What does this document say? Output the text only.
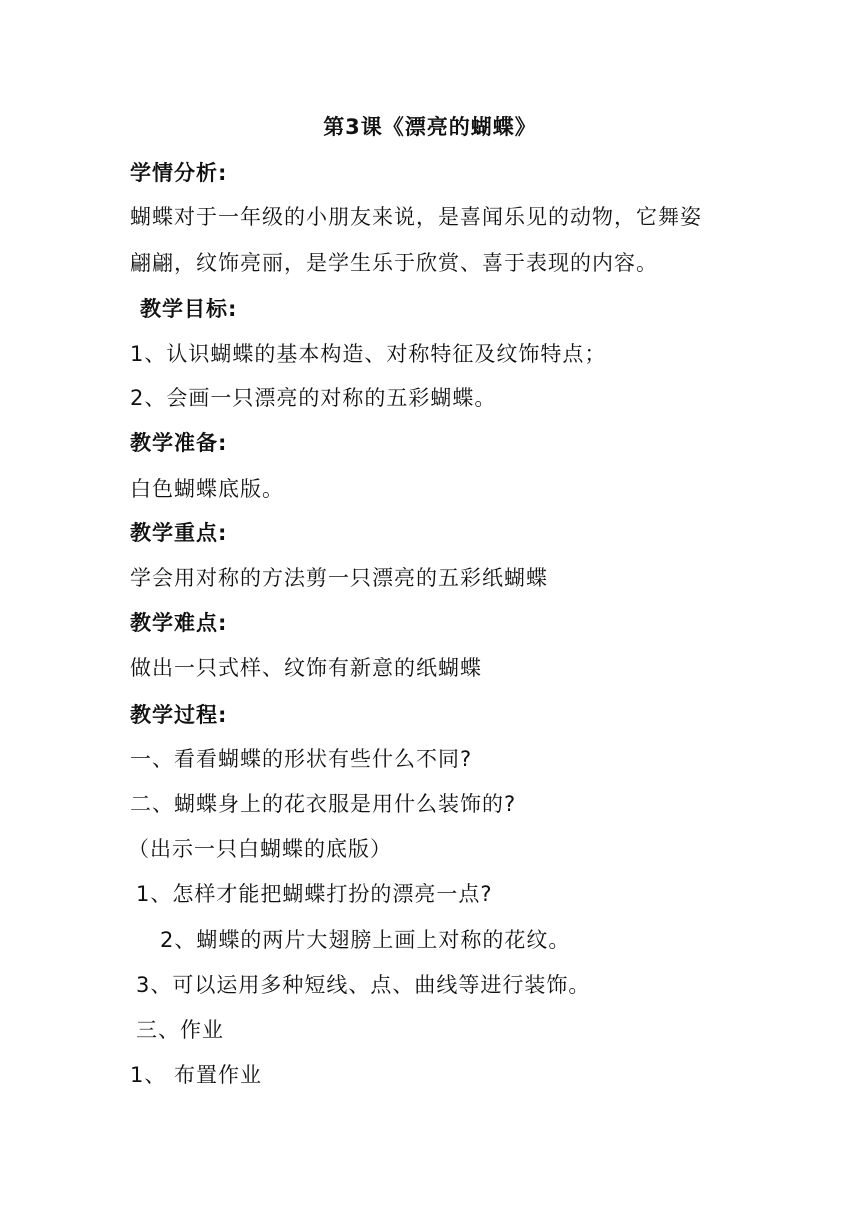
第3课《漂亮的蝴蝶》
学情分析:
蝴蝶对于一年级的小朋友来说，是喜闻乐见的动物，它舞姿
翩翩，纹饰亮丽，是学生乐于欣赏、喜于表现的内容。
教学目标:
1、认识蝴蝶的基本构造、对称特征及纹饰特点；
2、会画一只漂亮的对称的五彩蝴蝶。
教学准备:
白色蝴蝶底版。
教学重点:
学会用对称的方法剪一只漂亮的五彩纸蝴蝶
教学难点:
做出一只式样、纹饰有新意的纸蝴蝶
教学过程:
一、看看蝴蝶的形状有些什么不同?
二、蝴蝶身上的花衣服是用什么装饰的?
（出示一只白蝴蝶的底版）
1、怎样才能把蝴蝶打扮的漂亮一点?
2、蝴蝶的两片大翅膀上画上对称的花纹。
3、可以运用多种短线、点、曲线等进行装饰。
三、作业
1、 布置作业
